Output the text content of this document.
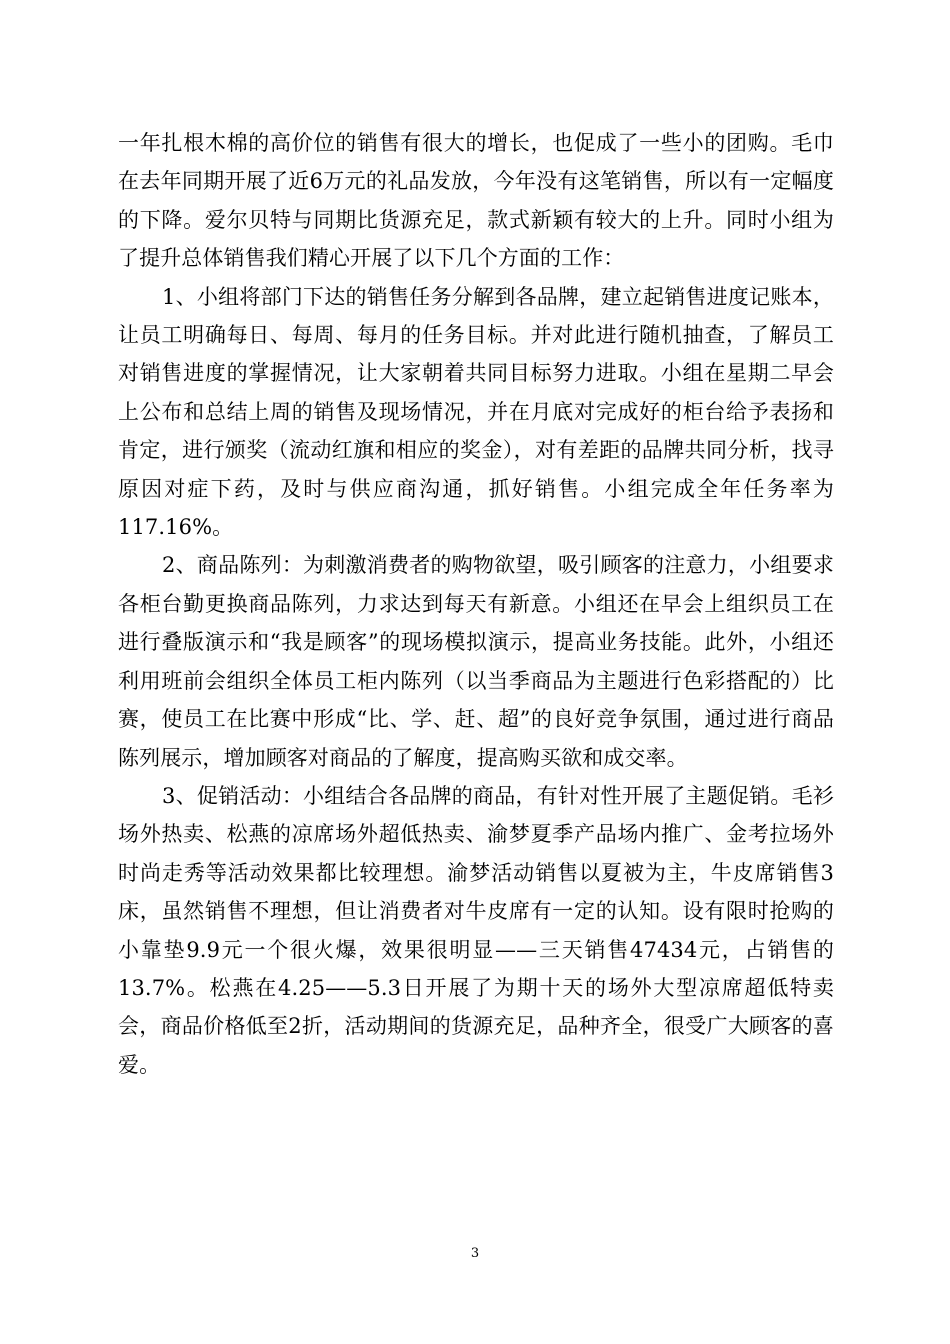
一年扎根木棉的高价位的销售有很大的增长，也促成了一些小的团购。毛巾在去年同期开展了近6万元的礼品发放，今年没有这笔销售，所以有一定幅度的下降。爱尔贝特与同期比货源充足，款式新颖有较大的上升。同时小组为了提升总体销售我们精心开展了以下几个方面的工作：

1、小组将部门下达的销售任务分解到各品牌，建立起销售进度记账本，让员工明确每日、每周、每月的任务目标。并对此进行随机抽查，了解员工对销售进度的掌握情况，让大家朝着共同目标努力进取。小组在星期二早会上公布和总结上周的销售及现场情况，并在月底对完成好的柜台给予表扬和肯定，进行颁奖（流动红旗和相应的奖金），对有差距的品牌共同分析，找寻原因对症下药，及时与供应商沟通，抓好销售。小组完成全年任务率为117.16%。

2、商品陈列：为刺激消费者的购物欲望，吸引顾客的注意力，小组要求各柜台勤更换商品陈列，力求达到每天有新意。小组还在早会上组织员工在进行叠版演示和“我是顾客”的现场模拟演示，提高业务技能。此外，小组还利用班前会组织全体员工柜内陈列（以当季商品为主题进行色彩搭配的）比赛，使员工在比赛中形成“比、学、赶、超”的良好竞争氛围，通过进行商品陈列展示，增加顾客对商品的了解度，提高购买欲和成交率。

3、促销活动：小组结合各品牌的商品，有针对性开展了主题促销。毛衫场外热卖、松燕的凉席场外超低热卖、渝梦夏季产品场内推广、金考拉场外时尚走秀等活动效果都比较理想。渝梦活动销售以夏被为主，牛皮席销售3床，虽然销售不理想，但让消费者对牛皮席有一定的认知。设有限时抢购的小靠垫9.9元一个很火爆，效果很明显——三天销售47434元，占销售的13.7%。松燕在4.25——5.3日开展了为期十天的场外大型凉席超低特卖会，商品价格低至2折，活动期间的货源充足，品种齐全，很受广大顾客的喜爱。

3
